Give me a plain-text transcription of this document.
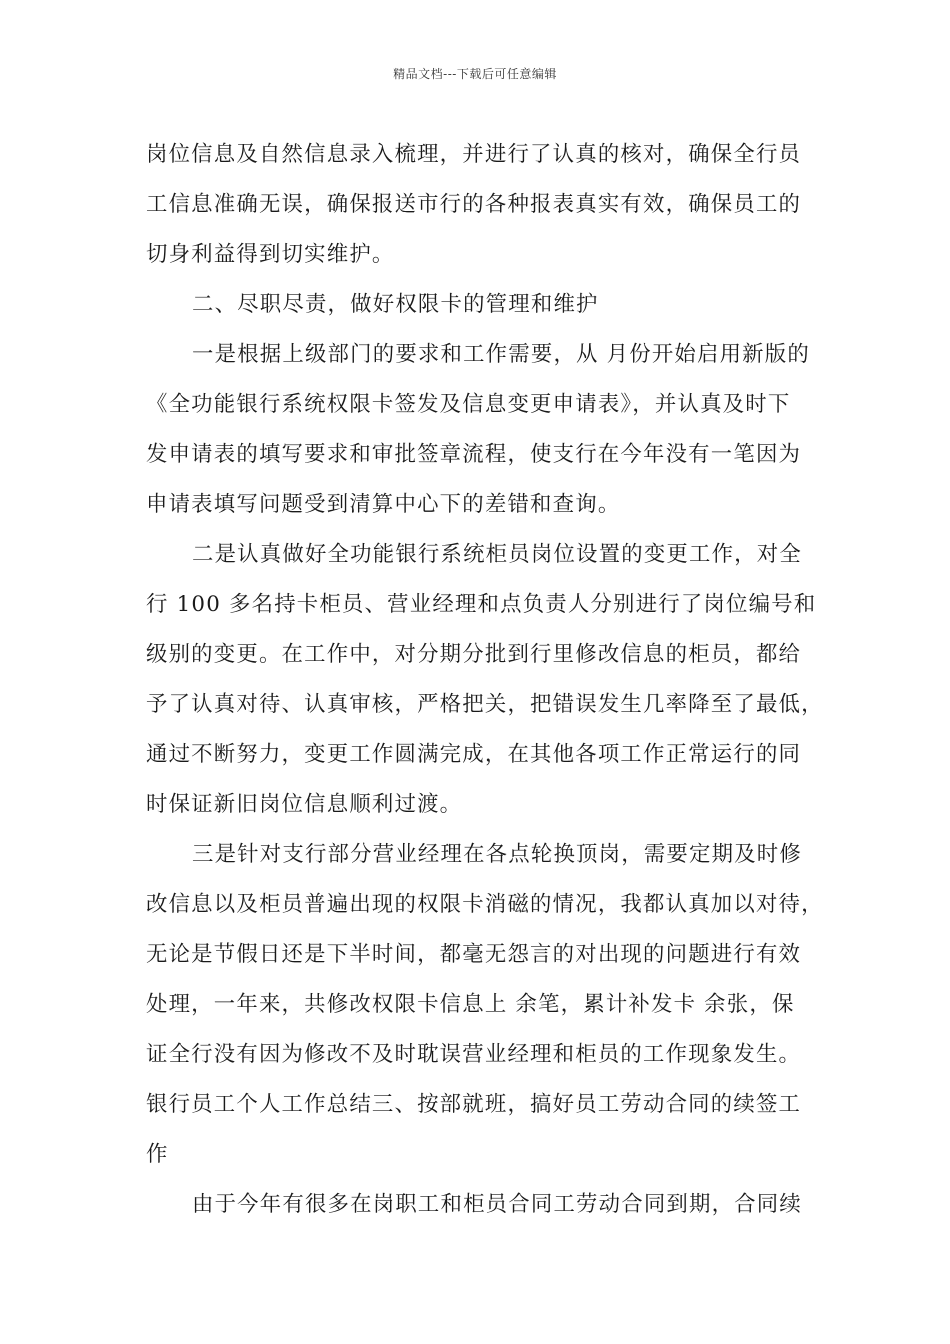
精品文档---下载后可任意编辑
岗位信息及自然信息录入梳理，并进行了认真的核对，确保全行员
工信息准确无误，确保报送市行的各种报表真实有效，确保员工的
切身利益得到切实维护。
二、尽职尽责，做好权限卡的管理和维护
一是根据上级部门的要求和工作需要，从 月份开始启用新版的
《全功能银行系统权限卡签发及信息变更申请表》，并认真及时下
发申请表的填写要求和审批签章流程，使支行在今年没有一笔因为
申请表填写问题受到清算中心下的差错和查询。
二是认真做好全功能银行系统柜员岗位设置的变更工作，对全
行 100 多名持卡柜员、营业经理和点负责人分别进行了岗位编号和
级别的变更。在工作中，对分期分批到行里修改信息的柜员，都给
予了认真对待、认真审核，严格把关，把错误发生几率降至了最低，
通过不断努力，变更工作圆满完成，在其他各项工作正常运行的同
时保证新旧岗位信息顺利过渡。
三是针对支行部分营业经理在各点轮换顶岗，需要定期及时修
改信息以及柜员普遍出现的权限卡消磁的情况，我都认真加以对待，
无论是节假日还是下半时间，都毫无怨言的对出现的问题进行有效
处理，一年来，共修改权限卡信息上 余笔，累计补发卡 余张，保
证全行没有因为修改不及时耽误营业经理和柜员的工作现象发生。
银行员工个人工作总结三、按部就班，搞好员工劳动合同的续签工
作
由于今年有很多在岗职工和柜员合同工劳动合同到期，合同续
